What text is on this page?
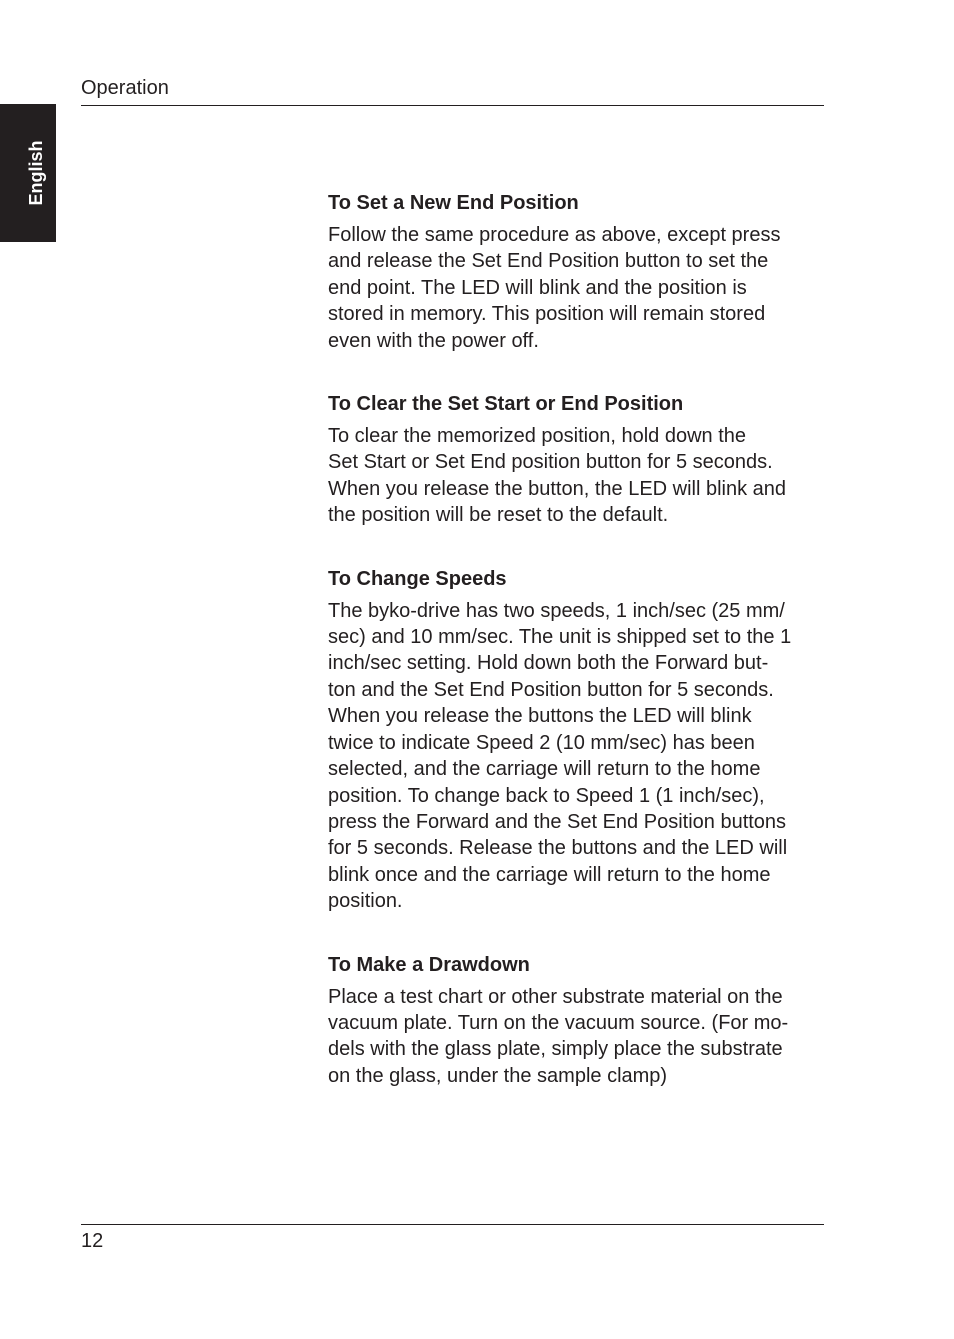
Operation
English	To Set a New End Position
Follow the same procedure as above, except press
and release the Set End Position button to set the
end point. The LED will blink and the position is
stored in memory. This position will remain stored
even with the power off.
To Clear the Set Start or End Position
To clear the memorized position, hold down the
Set Start or Set End position button for 5 seconds.
When you release the button, the LED will blink and
the position will be reset to the default.
To Change Speeds
The byko-drive has two speeds, 1 inch/sec (25 mm/
sec) and 10 mm/sec. The unit is shipped set to the 1
inch/sec setting. Hold down both the Forward but-
ton and the Set End Position button for 5 seconds.
When you release the buttons the LED will blink
twice to indicate Speed 2 (10 mm/sec) has been
selected, and the carriage will return to the home
position. To change back to Speed 1 (1 inch/sec),
press the Forward and the Set End Position buttons
for 5 seconds. Release the buttons and the LED will
blink once and the carriage will return to the home
position.
To Make a Drawdown
Place a test chart or other substrate material on the
vacuum plate. Turn on the vacuum source. (For mo-
dels with the glass plate, simply place the substrate
on the glass, under the sample clamp)
12
